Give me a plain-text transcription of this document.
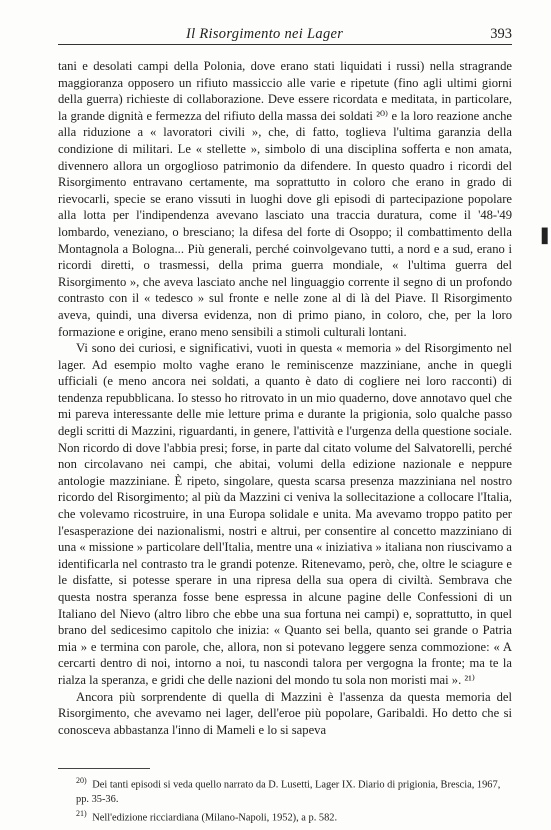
Il Risorgimento nei Lager	393

tani e desolati campi della Polonia, dove erano stati liquidati i russi) nella stragrande maggioranza opposero un rifiuto massiccio alle varie e ripetute (fino agli ultimi giorni della guerra) richieste di collaborazione. Deve essere ricordata e meditata, in particolare, la grande dignità e fermezza del rifiuto della massa dei soldati ²⁰⁾ e la loro reazione anche alla riduzione a « lavoratori civili », che, di fatto, toglieva l'ultima garanzia della condizione di militari. Le « stellette », simbolo di una disciplina sofferta e non amata, divennero allora un orgoglioso patrimonio da difendere. In questo quadro i ricordi del Risorgimento entravano certamente, ma soprattutto in coloro che erano in grado di rievocarli, specie se erano vissuti in luoghi dove gli episodi di partecipazione popolare alla lotta per l'indipendenza avevano lasciato una traccia duratura, come il '48-'49 lombardo, veneziano, o bresciano; la difesa del forte di Osoppo; il combattimento della Montagnola a Bologna... Più generali, perché coinvolgevano tutti, a nord e a sud, erano i ricordi diretti, o trasmessi, della prima guerra mondiale, « l'ultima guerra del Risorgimento », che aveva lasciato anche nel linguaggio corrente il segno di un profondo contrasto con il « tedesco » sul fronte e nelle zone al di là del Piave. Il Risorgimento aveva, quindi, una diversa evidenza, non di primo piano, in coloro, che, per la loro formazione e origine, erano meno sensibili a stimoli culturali lontani.

Vi sono dei curiosi, e significativi, vuoti in questa « memoria » del Risorgimento nel lager. Ad esempio molto vaghe erano le reminiscenze mazziniane, anche in quegli ufficiali (e meno ancora nei soldati, a quanto è dato di cogliere nei loro racconti) di tendenza repubblicana. Io stesso ho ritrovato in un mio quaderno, dove annotavo quel che mi pareva interessante delle mie letture prima e durante la prigionia, solo qualche passo degli scritti di Mazzini, riguardanti, in genere, l'attività e l'urgenza della questione sociale. Non ricordo di dove l'abbia presi; forse, in parte dal citato volume del Salvatorelli, perché non circolavano nei campi, che abitai, volumi della edizione nazionale e neppure antologie mazziniane. È ripeto, singolare, questa scarsa presenza mazziniana nel nostro ricordo del Risorgimento; al più da Mazzini ci veniva la sollecitazione a collocare l'Italia, che volevamo ricostruire, in una Europa solidale e unita. Ma avevamo troppo patito per l'esasperazione dei nazionalismi, nostri e altrui, per consentire al concetto mazziniano di una « missione » particolare dell'Italia, mentre una « iniziativa » italiana non riuscivamo a identificarla nel contrasto tra le grandi potenze. Ritenevamo, però, che, oltre le sciagure e le disfatte, si potesse sperare in una ripresa della sua opera di civiltà. Sembrava che questa nostra speranza fosse bene espressa in alcune pagine delle Confessioni di un Italiano del Nievo (altro libro che ebbe una sua fortuna nei campi) e, soprattutto, in quel brano del sedicesimo capitolo che inizia: « Quanto sei bella, quanto sei grande o Patria mia » e termina con parole, che, allora, non si potevano leggere senza commozione: « A cercarti dentro di noi, intorno a noi, tu nascondi talora per vergogna la fronte; ma te la rialza la speranza, e gridi che delle nazioni del mondo tu sola non moristi mai ». ²¹⁾

Ancora più sorprendente di quella di Mazzini è l'assenza da questa memoria del Risorgimento, che avevamo nei lager, dell'eroe più popolare, Garibaldi. Ho detto che si conosceva abbastanza l'inno di Mameli e lo si sapeva

❚

$^{20)}$ Dei tanti episodi si veda quello narrato da D. Lusetti, Lager IX. Diario di prigionia, Brescia, 1967, pp. 35-36.

$^{21)}$ Nell'edizione ricciardiana (Milano-Napoli, 1952), a p. 582.
